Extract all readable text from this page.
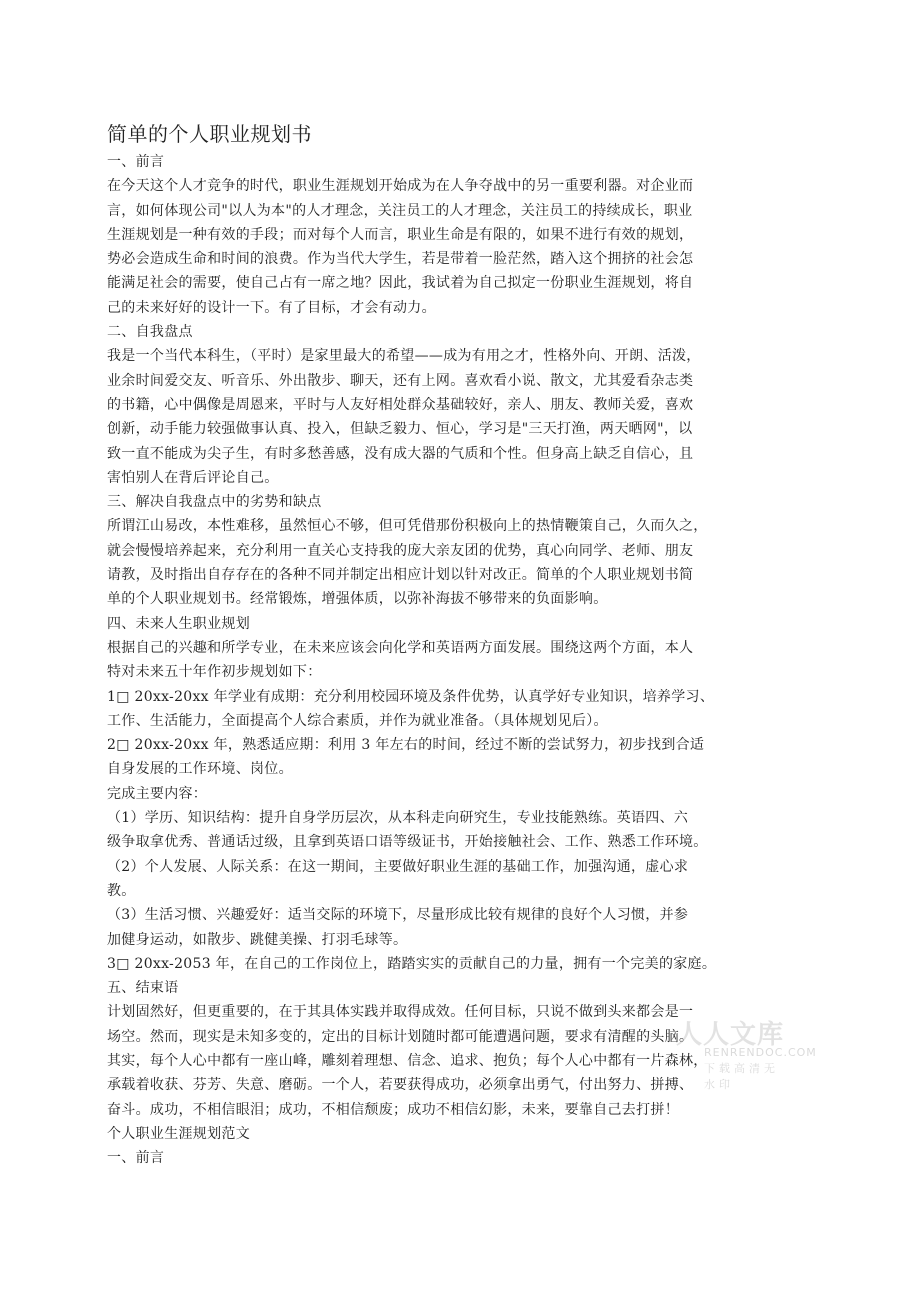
简单的个人职业规划书
一、前言
在今天这个人才竞争的时代，职业生涯规划开始成为在人争夺战中的另一重要利器。对企业而
言，如何体现公司"以人为本"的人才理念，关注员工的人才理念，关注员工的持续成长，职业
生涯规划是一种有效的手段；而对每个人而言，职业生命是有限的，如果不进行有效的规划，
势必会造成生命和时间的浪费。作为当代大学生，若是带着一脸茫然，踏入这个拥挤的社会怎
能满足社会的需要，使自己占有一席之地？因此，我试着为自己拟定一份职业生涯规划，将自
己的未来好好的设计一下。有了目标，才会有动力。
二、自我盘点
我是一个当代本科生，（平时）是家里最大的希望——成为有用之才，性格外向、开朗、活泼，
业余时间爱交友、听音乐、外出散步、聊天，还有上网。喜欢看小说、散文，尤其爱看杂志类
的书籍，心中偶像是周恩来，平时与人友好相处群众基础较好，亲人、朋友、教师关爱，喜欢
创新，动手能力较强做事认真、投入，但缺乏毅力、恒心，学习是"三天打渔，两天晒网"，以
致一直不能成为尖子生，有时多愁善感，没有成大器的气质和个性。但身高上缺乏自信心，且
害怕别人在背后评论自己。
三、解决自我盘点中的劣势和缺点
所谓江山易改，本性难移，虽然恒心不够，但可凭借那份积极向上的热情鞭策自己，久而久之，
就会慢慢培养起来，充分利用一直关心支持我的庞大亲友团的优势，真心向同学、老师、朋友
请教，及时指出自存存在的各种不同并制定出相应计划以针对改正。简单的个人职业规划书简
单的个人职业规划书。经常锻炼，增强体质，以弥补海拔不够带来的负面影响。
四、未来人生职业规划
根据自己的兴趣和所学专业，在未来应该会向化学和英语两方面发展。围绕这两个方面，本人
特对未来五十年作初步规划如下：
1□ 20xx-20xx 年学业有成期：充分利用校园环境及条件优势，认真学好专业知识，培养学习、
工作、生活能力，全面提高个人综合素质，并作为就业准备。（具体规划见后）。
2□ 20xx-20xx 年，熟悉适应期：利用 3 年左右的时间，经过不断的尝试努力，初步找到合适
自身发展的工作环境、岗位。
完成主要内容：
（1）学历、知识结构：提升自身学历层次，从本科走向研究生，专业技能熟练。英语四、六
级争取拿优秀、普通话过级，且拿到英语口语等级证书，开始接触社会、工作、熟悉工作环境。
（2）个人发展、人际关系：在这一期间，主要做好职业生涯的基础工作，加强沟通，虚心求
教。
（3）生活习惯、兴趣爱好：适当交际的环境下，尽量形成比较有规律的良好个人习惯，并参
加健身运动，如散步、跳健美操、打羽毛球等。
3□ 20xx-2053 年，在自己的工作岗位上，踏踏实实的贡献自己的力量，拥有一个完美的家庭。
五、结束语
计划固然好，但更重要的，在于其具体实践并取得成效。任何目标，只说不做到头来都会是一
场空。然而，现实是未知多变的，定出的目标计划随时都可能遭遇问题，要求有清醒的头脑。
其实，每个人心中都有一座山峰，雕刻着理想、信念、追求、抱负；每个人心中都有一片森林，
承载着收获、芬芳、失意、磨砺。一个人，若要获得成功，必须拿出勇气，付出努力、拼搏、
奋斗。成功，不相信眼泪；成功，不相信颓废；成功不相信幻影，未来，要靠自己去打拼！
个人职业生涯规划范文
一、前言
人人文库
RENRENDOC.COM
下载高清无水印
